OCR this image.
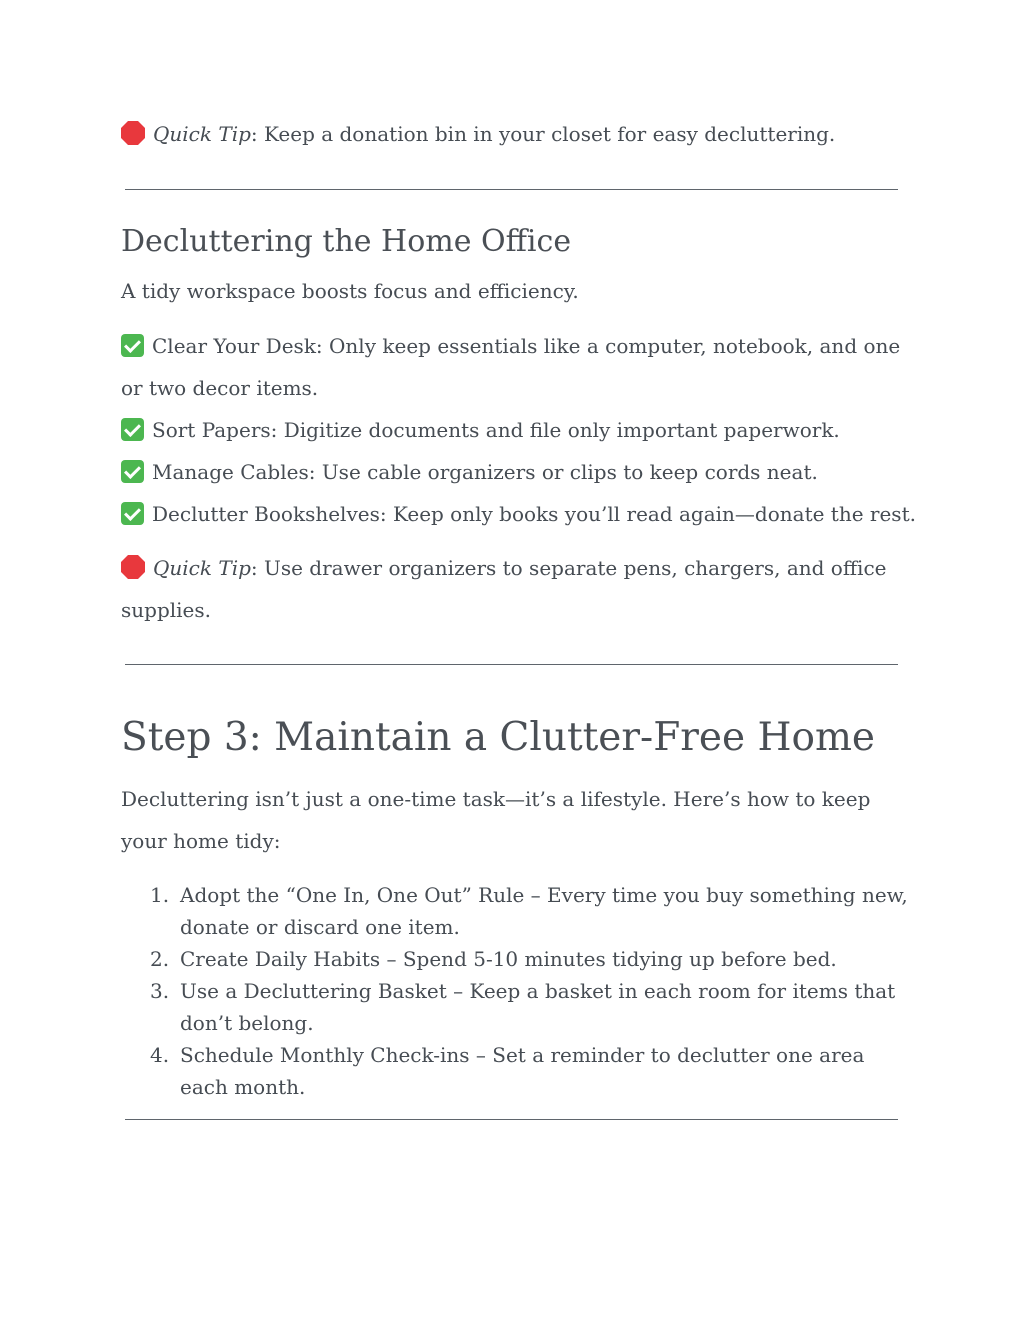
Quick Tip: Keep a donation bin in your closet for easy decluttering.

Decluttering the Home Office

A tidy workspace boosts focus and efficiency.

Clear Your Desk: Only keep essentials like a computer, notebook, and one

or two decor items.

Sort Papers: Digitize documents and file only important paperwork.

Manage Cables: Use cable organizers or clips to keep cords neat.

Declutter Bookshelves: Keep only books you’ll read again—donate the rest.

Quick Tip: Use drawer organizers to separate pens, chargers, and office

supplies.

Step 3: Maintain a Clutter-Free Home

Decluttering isn’t just a one-time task—it’s a lifestyle. Here’s how to keep

your home tidy:

1. Adopt the “One In, One Out” Rule – Every time you buy something new,
donate or discard one item.
2. Create Daily Habits – Spend 5-10 minutes tidying up before bed.
3. Use a Decluttering Basket – Keep a basket in each room for items that
don’t belong.
4. Schedule Monthly Check-ins – Set a reminder to declutter one area
each month.
